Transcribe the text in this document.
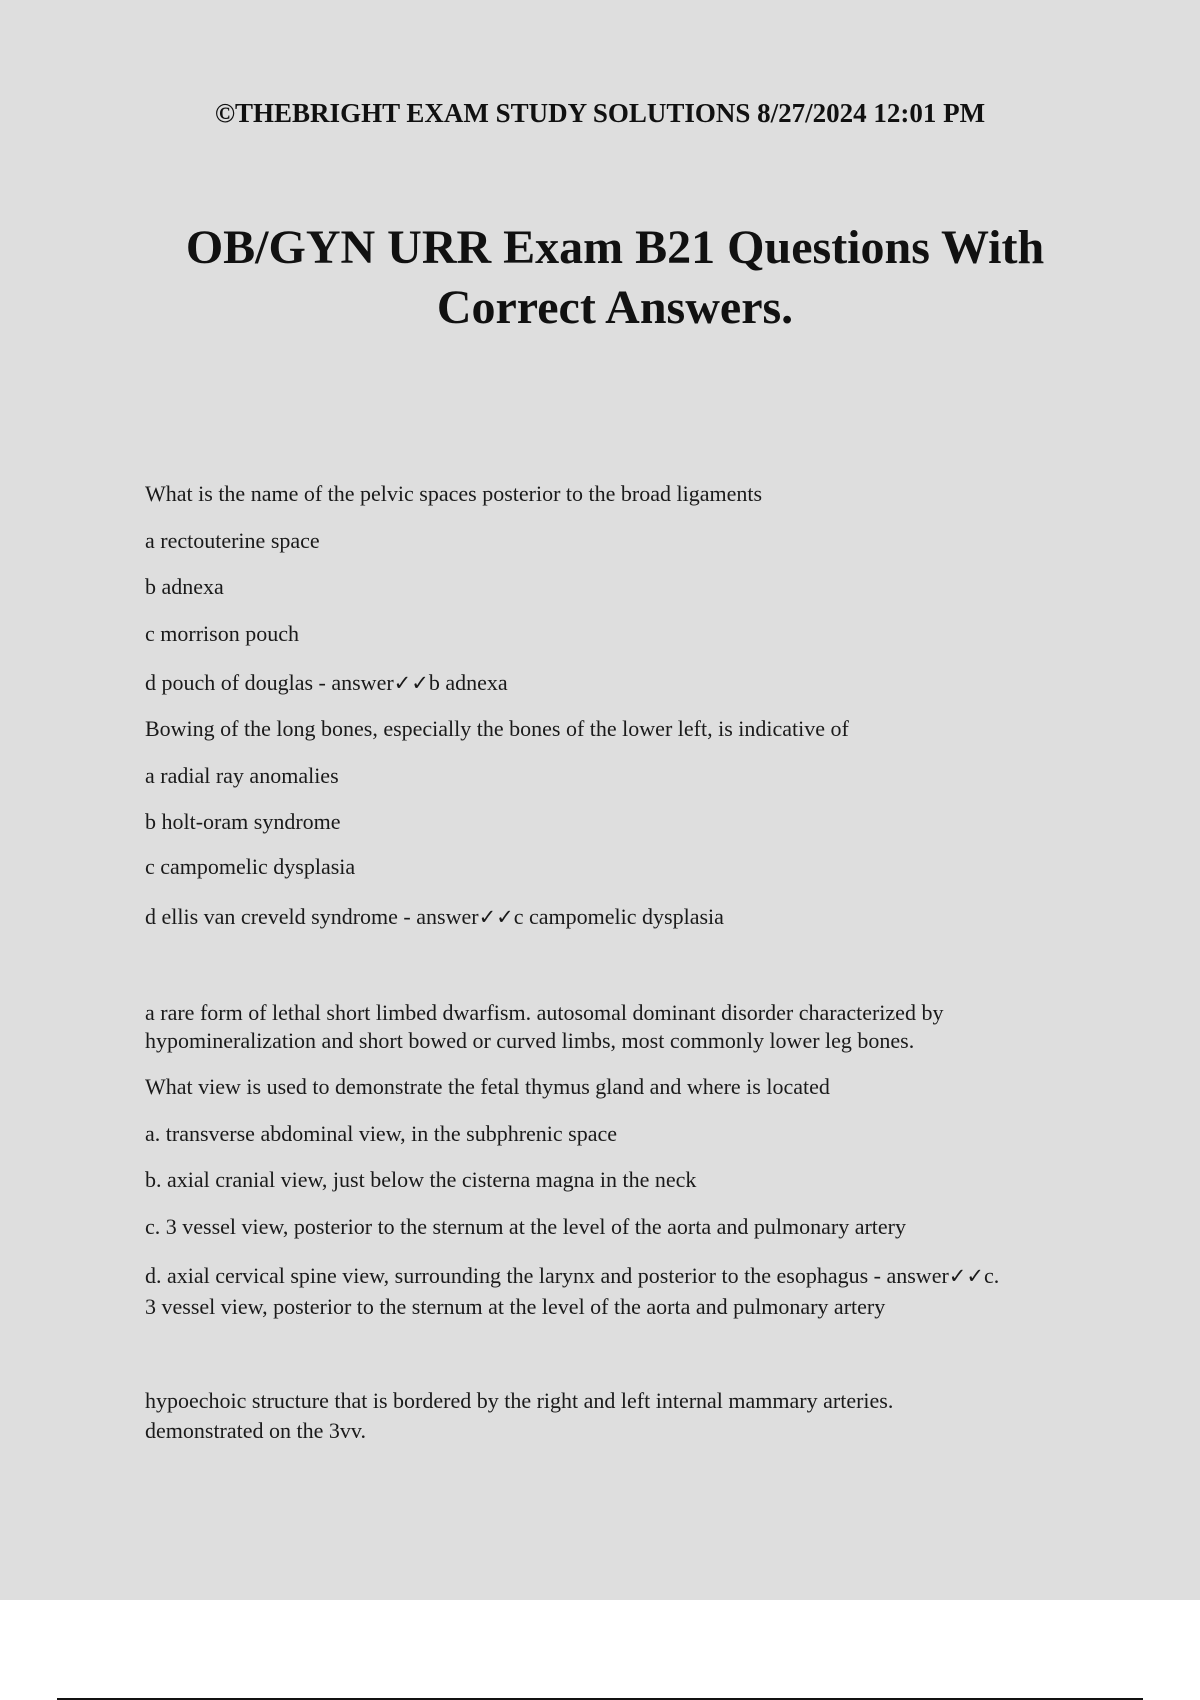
©THEBRIGHT EXAM STUDY SOLUTIONS 8/27/2024 12:01 PM
OB/GYN URR Exam B21 Questions With
Correct Answers.
What is the name of the pelvic spaces posterior to the broad ligaments
a rectouterine space
b adnexa
c morrison pouch
d pouch of douglas - answer✓✓b adnexa
Bowing of the long bones, especially the bones of the lower left, is indicative of
a radial ray anomalies
b holt-oram syndrome
c campomelic dysplasia
d ellis van creveld syndrome - answer✓✓c campomelic dysplasia
a rare form of lethal short limbed dwarfism. autosomal dominant disorder characterized by
hypomineralization and short bowed or curved limbs, most commonly lower leg bones.
What view is used to demonstrate the fetal thymus gland and where is located
a. transverse abdominal view, in the subphrenic space
b. axial cranial view, just below the cisterna magna in the neck
c. 3 vessel view, posterior to the sternum at the level of the aorta and pulmonary artery
d. axial cervical spine view, surrounding the larynx and posterior to the esophagus - answer✓✓c.
3 vessel view, posterior to the sternum at the level of the aorta and pulmonary artery
hypoechoic structure that is bordered by the right and left internal mammary arteries.
demonstrated on the 3vv.
